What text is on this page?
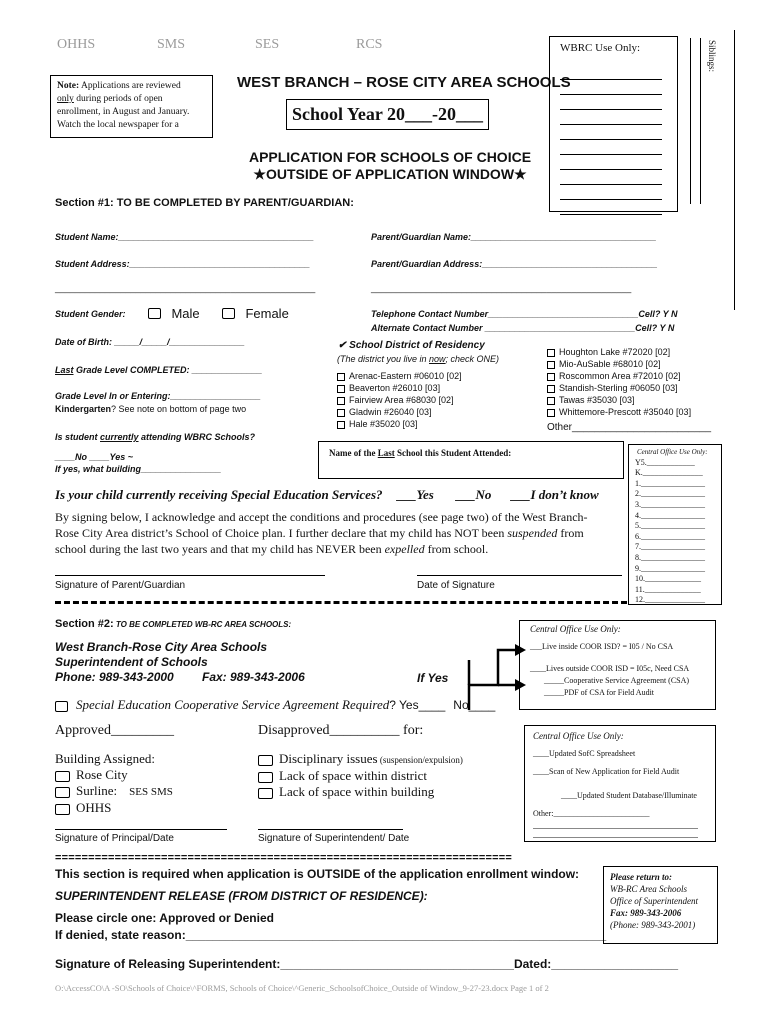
OHHS	SMS	SES	RCS
Note: Applications are reviewed
only during periods of open
enrollment, in August and January.
Watch the local newspaper for a
WEST BRANCH – ROSE CITY AREA SCHOOLS
School Year 20___-20___
APPLICATION FOR SCHOOLS OF CHOICE
★OUTSIDE OF APPLICATION WINDOW★
WBRC Use Only:	Siblings:
Section #1: TO BE COMPLETED BY PARENT/GUARDIAN:
Student Name:_______________________________________	Parent/Guardian Name:_____________________________________
Student Address:____________________________________	Parent/Guardian Address:___________________________________
____________________________________________________	____________________________________________________
Student Gender:	Male	Female	Telephone Contact Number______________________________Cell? Y N
Alternate Contact Number ______________________________Cell? Y N
Date of Birth: _____/_____/_______________
Last Grade Level COMPLETED: ______________
Grade Level In or Entering:__________________
Kindergarten? See note on bottom of page two
Is student currently attending WBRC Schools?
____No ____Yes ~
If yes, what building________________
✔ School District of Residency
(The district you live in now; check ONE)
Arenac-Eastern #06010 [02]
Beaverton #26010 [03]
Fairview Area #68030 [02]
Gladwin #26040 [03]
Hale #35020 [03]
Houghton Lake #72020 [02]
Mio-AuSable #68010 [02]
Roscommon Area #72010 [02]
Standish-Sterling #06050 [03]
Tawas #35030 [03]
Whittemore-Prescott #35040 [03]
Other_________________________
Name of the Last School this Student Attended:	Central Office Use Only:
Y5.____________
K._______________
1.________________
2.________________
3.________________
4.________________
5.________________
6.________________
7.________________
8.________________
9.________________
10.______________
11.______________
12._______________
Is your child currently receiving Special Education Services? ___Yes ___No ___I don’t know
By signing below, I acknowledge and accept the conditions and procedures (see page two) of the West Branch-
Rose City Area district’s School of Choice plan. I further declare that my child has NOT been suspended from
school during the last two years and that my child has NEVER been expelled from school.
Signature of Parent/Guardian	Date of Signature
Section #2: TO BE COMPLETED WB-RC AREA SCHOOLS:
West Branch-Rose City Area Schools
Superintendent of Schools
Phone: 989-343-2000 Fax: 989-343-2006	If Yes
Central Office Use Only:
___Live inside COOR ISD? = I05 / No CSA
____Lives outside COOR ISD = I05c, Need CSA
_____Cooperative Service Agreement (CSA)
_____PDF of CSA for Field Audit
Special Education Cooperative Service Agreement Required? Yes____ No____
Approved_________	Disapproved__________ for:
Building Assigned:
Rose City
Surline: SES SMS
OHHS
Disciplinary issues (suspension/expulsion)
Lack of space within district
Lack of space within building
Central Office Use Only:
____Updated SofC Spreadsheet
____Scan of New Application for Field Audit
____Updated Student Database/Illuminate
Other:________________________
Signature of Principal/Date	Signature of Superintendent/ Date
=====================================================================
This section is required when application is OUTSIDE of the application enrollment window:
SUPERINTENDENT RELEASE (FROM DISTRICT OF RESIDENCE):
Please circle one: Approved or Denied
If denied, state reason:_______________________________________________________________
Please return to:
WB-RC Area Schools
Office of Superintendent
Fax: 989-343-2006
(Phone: 989-343-2001)
Signature of Releasing Superintendent:___________________________________Dated:___________________
O:\AccessCO\A -SO\Schools of Choice\^FORMS, Schools of Choice\^Generic_SchoolsofChoice_Outside of Window_9-27-23.docx Page 1 of 2
